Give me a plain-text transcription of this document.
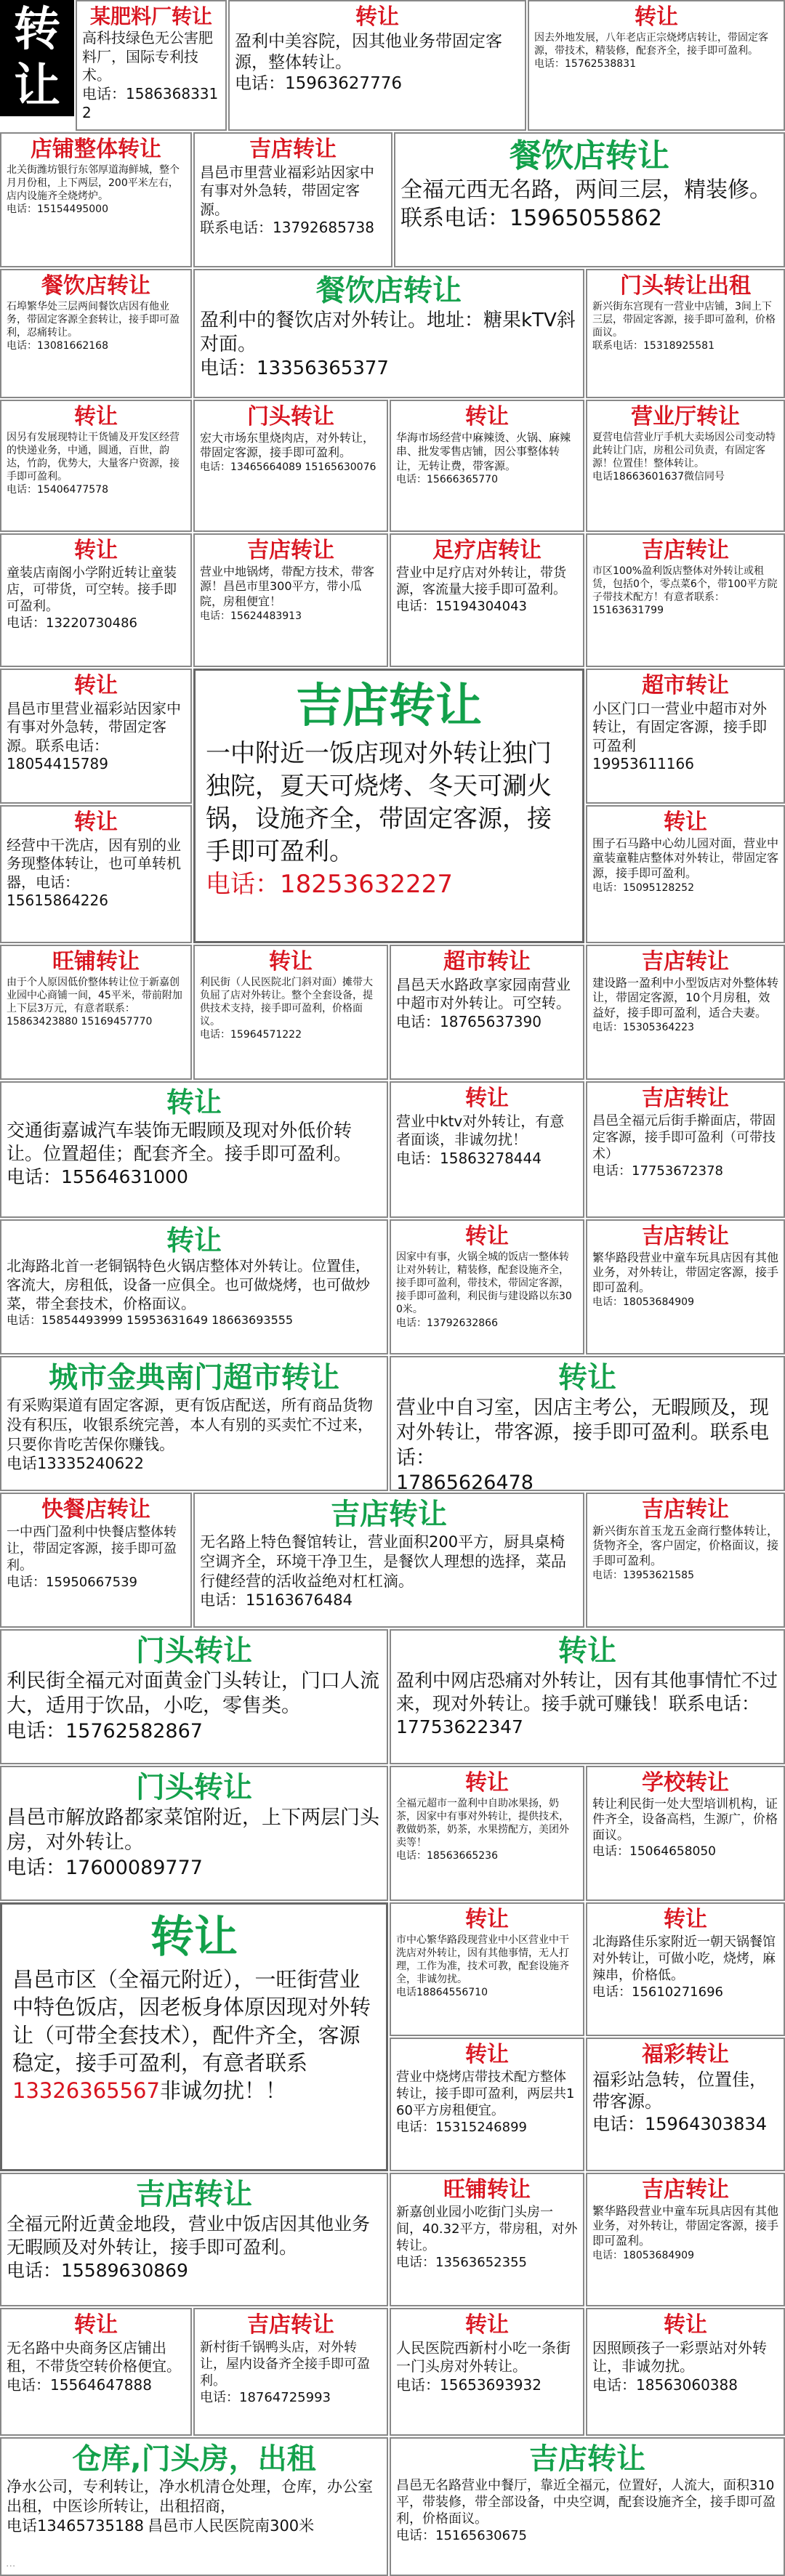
转让
某肥料厂转让
高科技绿色无公害肥料厂，国际专利技术。
电话：15863683312
转让
盈利中美容院，因其他业务带固定客源，整体转让。
电话：15963627776
转让
因去外地发展，八年老店正宗烧烤店转让，带固定客源，带技术，精装修，配套齐全，接手即可盈利。
电话：15762538831
店铺整体转让
北关街潍坊银行东邻厚道海鲜城，整个月月份租，上下两层，200平米左右，店内设施齐全烧烤炉。
电话：15154495000
吉店转让
昌邑市里营业福彩站因家中有事对外急转，带固定客源。
联系电话：13792685738
餐饮店转让
全福元西无名路，两间三层，精装修。
联系电话：15965055862
餐饮店转让
石埠繁华处三层两间餐饮店因有他业务，带固定客源全套转让，接手即可盈利，忍痛转让。
电话：13081662168
餐饮店转让
盈利中的餐饮店对外转让。地址：糖果kTV斜对面。
电话：13356365377
门头转让出租
新兴街东宫现有一营业中店铺，3间上下三层，带固定客源，接手即可盈利，价格面议。
联系电话：15318925581
转让
因另有发展现特让干货铺及开发区经营的快递业务，中通，圆通，百世，韵达，竹韵，优势大，大量客户资源，接手即可盈利。
电话：15406477578
门头转让
宏大市场东里烧肉店，对外转让，带固定客源，接手即可盈利。
电话：13465664089 15165630076
转让
华海市场经营中麻辣烫、火锅、麻辣串、批发零售店铺，因公事整体转让，无转让费，带客源。
电话：15666365770
营业厅转让
夏营电信营业厅手机大卖场因公司变动特此转让门店，房租公司负责，有固定客源！位置佳！整体转让。
电话18663601637微信同号
转让
童装店南阁小学附近转让童装店，可带货，可空转。接手即可盈利。
电话：13220730486
吉店转让
营业中地锅烤，带配方技术，带客源！昌邑市里300平方，带小瓜院，房租便宜！
电话：15624483913
足疗店转让
营业中足疗店对外转让，带货源，客流量大接手即可盈利。
电话：15194304043
吉店转让
市区100%盈利饭店整体对外转让或租赁，包括0个，零点菜6个，带100平方院子带技术配方！有意者联系：
15163631799
转让
昌邑市里营业福彩站因家中有事对外急转，带固定客源。联系电话：
18054415789
吉店转让
一中附近一饭店现对外转让独门独院，夏天可烧烤、冬天可涮火锅，设施齐全，带固定客源，接手即可盈利。
电话：18253632227
超市转让
小区门口一营业中超市对外转让，有固定客源，接手即可盈利
19953611166
转让
经营中干洗店，因有别的业务现整体转让，也可单转机器，电话：
15615864226
转让
围子石马路中心幼儿园对面，营业中童装童鞋店整体对外转让，带固定客源，接手即可盈利。
电话：15095128252
旺铺转让
由于个人原因低价整体转让位于新嘉创业园中心商铺一间，45平米，带前附加上下层3万元，有意者联系：
15863423880 15169457770
转让
利民街（人民医院北门斜对面）摊带大负屈了店对外转让。整个全套设备，提供技术支持，接手即可盈利，价格面议。
电话：15964571222
超市转让
昌邑天水路政享家园南营业中超市对外转让。可空转。
电话：18765637390
吉店转让
建设路一盈利中小型饭店对外整体转让，带固定客源，10个月房租，效益好，接手即可盈利，适合夫妻。
电话：15305364223
转让
交通街嘉诚汽车装饰无暇顾及现对外低价转让。位置超佳；配套齐全。接手即可盈利。
电话：15564631000
转让
营业中ktv对外转让，有意者面谈，非诚勿扰！
电话：15863278444
吉店转让
昌邑全福元后街手擀面店，带固定客源，接手即可盈利（可带技术）
电话：17753672378
转让
北海路北首一老铜锅特色火锅店整体对外转让。位置佳，客流大，房租低，设备一应俱全。也可做烧烤，也可做炒菜，带全套技术，价格面议。
电话：15854493999 15953631649 18663693555
转让
因家中有事，火锅全城的饭店一整体转让对外转让，精装修，配套设施齐全，接手即可盈利，带技术，带固定客源，接手即可盈利，利民街与建设路以东300米。
电话：13792632866
吉店转让
繁华路段营业中童车玩具店因有其他业务，对外转让，带固定客源，接手即可盈利。
电话：18053684909
城市金典南门超市转让
有采购渠道有固定客源，更有饭店配送，所有商品货物没有积压，收银系统完善，本人有别的买卖忙不过来，只要你肯吃苦保你赚钱。
电话13335240622
转让
营业中自习室，因店主考公，无暇顾及，现对外转让，带客源，接手即可盈利。联系电话：
17865626478
快餐店转让
一中西门盈利中快餐店整体转让，带固定客源，接手即可盈利。
电话：15950667539
吉店转让
无名路上特色餐馆转让，营业面积200平方，厨具桌椅空调齐全，环境干净卫生，是餐饮人理想的选择，菜品行健经营的活收益绝对杠杠滴。
电话：15163676484
吉店转让
新兴街东首玉龙五金商行整体转让，货物齐全，客户固定，价格面议，接手即可盈利。
电话：13953621585
门头转让
利民街全福元对面黄金门头转让，门口人流大，适用于饮品，小吃，零售类。
电话：15762582867
转让
盈利中网店恐痛对外转让，因有其他事情忙不过来，现对外转让。接手就可赚钱！联系电话：
17753622347
门头转让
昌邑市解放路都家菜馆附近，上下两层门头房，对外转让。
电话：17600089777
转让
全福元超市一盈利中自助冰果扬，奶茶，因家中有事对外转让，提供技术，教做奶茶，奶茶，水果捞配方，美团外卖等！
电话：18563665236
学校转让
转让利民街一处大型培训机构，证件齐全，设备高档，生源广，价格面议。
电话：15064658050
转让
昌邑市区（全福元附近），一旺街营业中特色饭店，因老板身体原因现对外转让（可带全套技术），配件齐全，客源稳定，接手可盈利，有意者联系
13326365567非诚勿扰！！
转让
市中心繁华路段现营业中小区营业中干洗店对外转让，因有其他事情，无人打理，工作为准，技术可教，配套设施齐全，非诚勿扰。
电话18864556710
转让
北海路佳乐家附近一朝天锅餐馆对外转让，可做小吃，烧烤，麻辣串，价格低。
电话：15610271696
转让
营业中烧烤店带技术配方整体转让，接手即可盈利，两层共160平方房租便宜。
电话：15315246899
福彩转让
福彩站急转，位置佳，带客源。
电话：15964303834
吉店转让
全福元附近黄金地段，营业中饭店因其他业务无暇顾及对外转让，接手即可盈利。
电话：15589630869
旺铺转让
新嘉创业园小吃街门头房一间，40.32平方，带房租，对外转让。
电话：13563652355
吉店转让
繁华路段营业中童车玩具店因有其他业务，对外转让，带固定客源，接手即可盈利。
电话：18053684909
转让
无名路中央商务区店铺出租，不带货空转价格便宜。
电话：15564647888
吉店转让
新村街千锅鸭头店，对外转让，屋内设备齐全接手即可盈利。
电话：18764725993
转让
人民医院西新村小吃一条街一门头房对外转让。
电话：15653693932
转让
因照顾孩子一彩票站对外转让，非诚勿扰。
电话：18563060388
仓库,门头房，出租
净水公司，专利转让，净水机清仓处理，仓库，办公室出租，中医诊所转让，出租招商，
电话13465735188 昌邑市人民医院南300米
吉店转让
昌邑无名路营业中餐厅，靠近全福元，位置好，人流大，面积310平，带装修，带全部设备，中央空调，配套设施齐全，接手即可盈利，价格面议。
电话：15165630675
...
